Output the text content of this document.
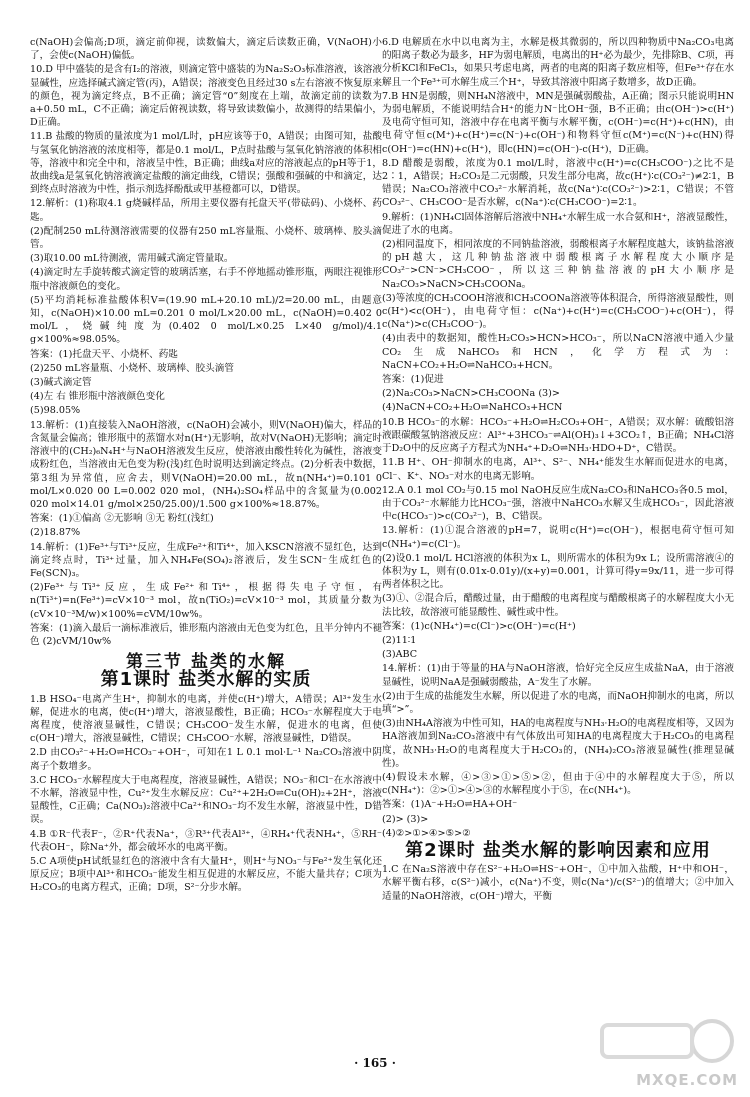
c(NaOH)会偏高;D项，滴定前仰视，读数偏大，滴定后读数正确，V(NaOH)小了，会使c(NaOH)偏低。

10.D 甲中盛装的是含有I₂的溶液，则滴定管中盛装的为Na₂S₂O₃标准溶液，该溶液显碱性，应选择碱式滴定管(丙)，A错误；溶液变色且经过30 s左右溶液不恢复原来的颜色，视为滴定终点，B不正确；滴定管“0”刻度在上端，故滴定前的读数为a+0.50 mL，C不正确；滴定后俯视读数，将导致读数偏小，故测得的结果偏小，D正确。

11.B 盐酸的物质的量浓度为1 mol/L时，pH应该等于0，A错误；由图可知，盐酸与氢氧化钠溶液的浓度相等，都是0.1 mol/L，P点时盐酸与氢氧化钠溶液的体积相等，溶液中和完全中和，溶液呈中性，B正确；曲线a对应的溶液起点的pH等于1，故曲线a是氢氧化钠溶液滴定盐酸的滴定曲线，C错误；强酸和强碱的中和滴定，达到终点时溶液为中性，指示剂选择酚酞或甲基橙都可以，D错误。

12.解析：(1)称取4.1 g烧碱样品，所用主要仪器有托盘天平(带砝码)、小烧杯、药匙。

(2)配制250 mL待测溶液需要的仪器有250 mL容量瓶、小烧杯、玻璃棒、胶头滴管。

(3)取10.00 mL待测液，需用碱式滴定管量取。

(4)滴定时左手旋转酸式滴定管的玻璃活塞，右手不停地摇动锥形瓶，两眼注视锥形瓶中溶液颜色的变化。

(5)平均消耗标准盐酸体积V=(19.90 mL+20.10 mL)/2=20.00 mL，由题意知，c(NaOH)×10.00 mL=0.201 0 mol/L×20.00 mL，c(NaOH)=0.402 0 mol/L，烧碱纯度为(0.402 0 mol/L×0.25 L×40 g/mol)/4.1 g×100%≈98.05%。

答案：(1)托盘天平、小烧杯、药匙

(2)250 mL容量瓶、小烧杯、玻璃棒、胶头滴管

(3)碱式滴定管

(4)左 右 锥形瓶中溶液颜色变化

(5)98.05%

13.解析：(1)直接装入NaOH溶液，c(NaOH)会减小，则V(NaOH)偏大，样品的含氮量会偏高；锥形瓶中的蒸馏水对n(H⁺)无影响，故对V(NaOH)无影响；滴定时溶液中的(CH₂)₆N₄H⁺与NaOH溶液发生反应，使溶液由酸性转化为碱性，溶液变成粉红色，当溶液由无色变为粉(浅)红色时说明达到滴定终点。(2)分析表中数据，第3组为异常值，应舍去，则V(NaOH)=20.00 mL，故n(NH₄⁺)=0.101 0 mol/L×0.020 00 L=0.002 020 mol，(NH₄)₂SO₄样品中的含氮量为(0.002 020 mol×14.01 g/mol×250/25.00)/1.500 g×100%≈18.87%。

答案：(1)①偏高 ②无影响 ③无 粉红(浅红)

(2)18.87%

14.解析：(1)Fe³⁺与Ti³⁺反应，生成Fe²⁺和Ti⁴⁺，加入KSCN溶液不显红色，达到滴定终点时，Ti³⁺过量，加入NH₄Fe(SO₄)₂溶液后，发生SCN⁻生成红色的Fe(SCN)₃。

(2)Fe³⁺与Ti³⁺反应，生成Fe²⁺和Ti⁴⁺，根据得失电子守恒，有n(Ti³⁺)=n(Fe³⁺)=cV×10⁻³ mol，故n(TiO₂)=cV×10⁻³ mol，其质量分数为(cV×10⁻³M/w)×100%=cVM/10w%。

答案：(1)滴入最后一滴标准液后，锥形瓶内溶液由无色变为红色，且半分钟内不褪色 (2)cVM/10w%

第三节 盐类的水解
第1课时 盐类水解的实质

1.B HSO₄⁻电离产生H⁺，抑制水的电离，并使c(H⁺)增大，A错误；Al³⁺发生水解，促进水的电离，使c(H⁺)增大，溶液显酸性，B正确；HCO₃⁻水解程度大于电离程度，使溶液显碱性，C错误；CH₃COO⁻发生水解，促进水的电离，但使c(OH⁻)增大，溶液显碱性，C错误；CH₃COO⁻水解，溶液显碱性，D错误。

2.D 由CO₃²⁻+H₂O⇌HCO₃⁻+OH⁻，可知在1 L 0.1 mol·L⁻¹ Na₂CO₃溶液中阴离子个数增多。

3.C HCO₃⁻水解程度大于电离程度，溶液显碱性，A错误；NO₃⁻和Cl⁻在水溶液中不水解，溶液显中性，Cu²⁺发生水解反应：Cu²⁺+2H₂O⇌Cu(OH)₂+2H⁺，溶液显酸性，C正确；Ca(NO₃)₂溶液中Ca²⁺和NO₃⁻均不发生水解，溶液显中性，D错误。

4.B ①R⁻代表F⁻，②R⁺代表Na⁺，③R³⁺代表Al³⁺，④RH₄⁺代表NH₄⁺，⑤RH⁻代表OH⁻，除Na⁺外，都会破坏水的电离平衡。

5.C A项使pH试纸显红色的溶液中含有大量H⁺，则H⁺与NO₃⁻与Fe²⁺发生氧化还原反应；B项中Al³⁺和HCO₃⁻能发生相互促进的水解反应，不能大量共存；C项为H₂CO₃的电离方程式，正确；D项，S²⁻分步水解。

6.D 电解质在水中以电离为主，水解是极其微弱的，所以四种物质中Na₂CO₃电离的阳离子数必为最多，HF为弱电解质，电离出的H⁺必为最少，先排除B、C项，再分析KCl和FeCl₃，如果只考虑电离，两者的电离的阳离子数应相等，但Fe³⁺存在水解且一个Fe³⁺可水解生成三个H⁺，导致其溶液中阳离子数增多，故D正确。

7.B HN是弱酸，则NH₄N溶液中，MN是强碱弱酸盐，A正确；图示只能说明HN为弱电解质，不能说明结合H⁺的能力N⁻比OH⁻强，B不正确；由c(OH⁻)>c(H⁺)及电荷守恒可知，溶液中存在电离平衡与水解平衡，c(OH⁻)=c(H⁺)+c(HN)，由电荷守恒c(M⁺)+c(H⁺)=c(N⁻)+c(OH⁻)和物料守恒c(M⁺)=c(N⁻)+c(HN)得c(OH⁻)=c(HN)+c(H⁺)，即c(HN)=c(OH⁻)-c(H⁺)，D正确。

8.D 醋酸是弱酸，浓度为0.1 mol/L时，溶液中c(H⁺)=c(CH₃COO⁻)之比不是2∶1，A错误；H₂CO₃是二元弱酸，只发生部分电离，故c(H⁺)∶c(CO₃²⁻)≠2∶1，B错误；Na₂CO₃溶液中CO₃²⁻水解消耗，故c(Na⁺)∶c(CO₃²⁻)>2∶1，C错误；不管CO₃²⁻、CH₃COO⁻是否水解，c(Na⁺)∶c(CH₃COO⁻)=2∶1。

9.解析：(1)NH₄Cl固体溶解后溶液中NH₄⁺水解生成一水合氨和H⁺，溶液显酸性，促进了水的电离。

(2)相同温度下，相同浓度的不同钠盐溶液，弱酸根离子水解程度越大，该钠盐溶液的pH越大，这几种钠盐溶液中弱酸根离子水解程度大小顺序是CO₃²⁻>CN⁻>CH₃COO⁻，所以这三种钠盐溶液的pH大小顺序是Na₂CO₃>NaCN>CH₃COONa。

(3)等浓度的CH₃COOH溶液和CH₃COONa溶液等体积混合，所得溶液显酸性，则c(H⁺)<c(OH⁻)，由电荷守恒：c(Na⁺)+c(H⁺)=c(CH₃COO⁻)+c(OH⁻)，得c(Na⁺)>c(CH₃COO⁻)。

(4)由表中的数据知，酸性H₂CO₃>HCN>HCO₃⁻，所以NaCN溶液中通入少量CO₂生成NaHCO₃和HCN，化学方程式为：NaCN+CO₂+H₂O⇌NaHCO₃+HCN。

答案：(1)促进

(2)Na₂CO₃>NaCN>CH₃COONa (3)>

(4)NaCN+CO₂+H₂O⇌NaHCO₃+HCN

10.B HCO₃⁻的水解：HCO₃⁻+H₂O⇌H₂CO₃+OH⁻，A错误；双水解：硫酸铝溶液跟碳酸氢钠溶液反应：Al³⁺+3HCO₃⁻⇌Al(OH)₃↓+3CO₂↑，B正确；NH₄Cl溶于D₂O中的反应离子方程式为NH₄⁺+D₂O⇌NH₃·HDO+D⁺，C错误。

11.B H⁺、OH⁻抑制水的电离，Al³⁺、S²⁻、NH₄⁺能发生水解而促进水的电离，Cl⁻、K⁺、NO₃⁻对水的电离无影响。

12.A 0.1 mol CO₂与0.15 mol NaOH反应生成Na₂CO₃和NaHCO₃各0.5 mol，由于CO₃²⁻水解能力比HCO₃⁻强，溶液中NaHCO₃水解又生成HCO₃⁻，因此溶液中c(HCO₃⁻)>c(CO₃²⁻)，B、C错误。

13.解析：(1)①混合溶液的pH=7，说明c(H⁺)=c(OH⁻)，根据电荷守恒可知c(NH₄⁺)=c(Cl⁻)。

(2)设0.1 mol/L HCl溶液的体积为x L，则所需水的体积为9x L；设所需溶液④的体积为y L，则有(0.01x-0.01y)/(x+y)=0.001，计算可得y=9x/11，进一步可得两者体积之比。

(3)①、②混合后，醋酸过量，由于醋酸的电离程度与醋酸根离子的水解程度大小无法比较，故溶液可能显酸性、碱性或中性。

答案：(1)c(NH₄⁺)=c(Cl⁻)>c(OH⁻)=c(H⁺)

(2)11∶1

(3)ABC

14.解析：(1)由于等量的HA与NaOH溶液，恰好完全反应生成盐NaA，由于溶液显碱性，说明NaA是强碱弱酸盐，A⁻发生了水解。

(2)由于生成的盐能发生水解，所以促进了水的电离，而NaOH抑制水的电离，所以填“>”。

(3)由NH₄A溶液为中性可知，HA的电离程度与NH₃·H₂O的电离程度相等，又因为HA溶液加到Na₂CO₃溶液中有气体放出可知HA的电离程度大于H₂CO₃的电离程度，故NH₃·H₂O的电离程度大于H₂CO₃的，(NH₄)₂CO₃溶液显碱性(推理显碱性)。

(4)假设未水解，④>③>①>⑤>②，但由于④中的水解程度大于⑤，所以c(NH₄⁺)：②>①>④>③的水解程度小于⑤，在c(NH₄⁺)。

答案：(1)A⁻+H₂O⇌HA+OH⁻

(2)> (3)>

(4)②>①>④>⑤>②

第2课时 盐类水解的影响因素和应用

1.C 在Na₂S溶液中存在S²⁻+H₂O⇌HS⁻+OH⁻，①中加入盐酸，H⁺中和OH⁻，水解平衡右移，c(S²⁻)减小，c(Na⁺)不变，则c(Na⁺)/c(S²⁻)的值增大；②中加入适量的NaOH溶液，c(OH⁻)增大，平衡

· 165 ·
MXQE.COM
